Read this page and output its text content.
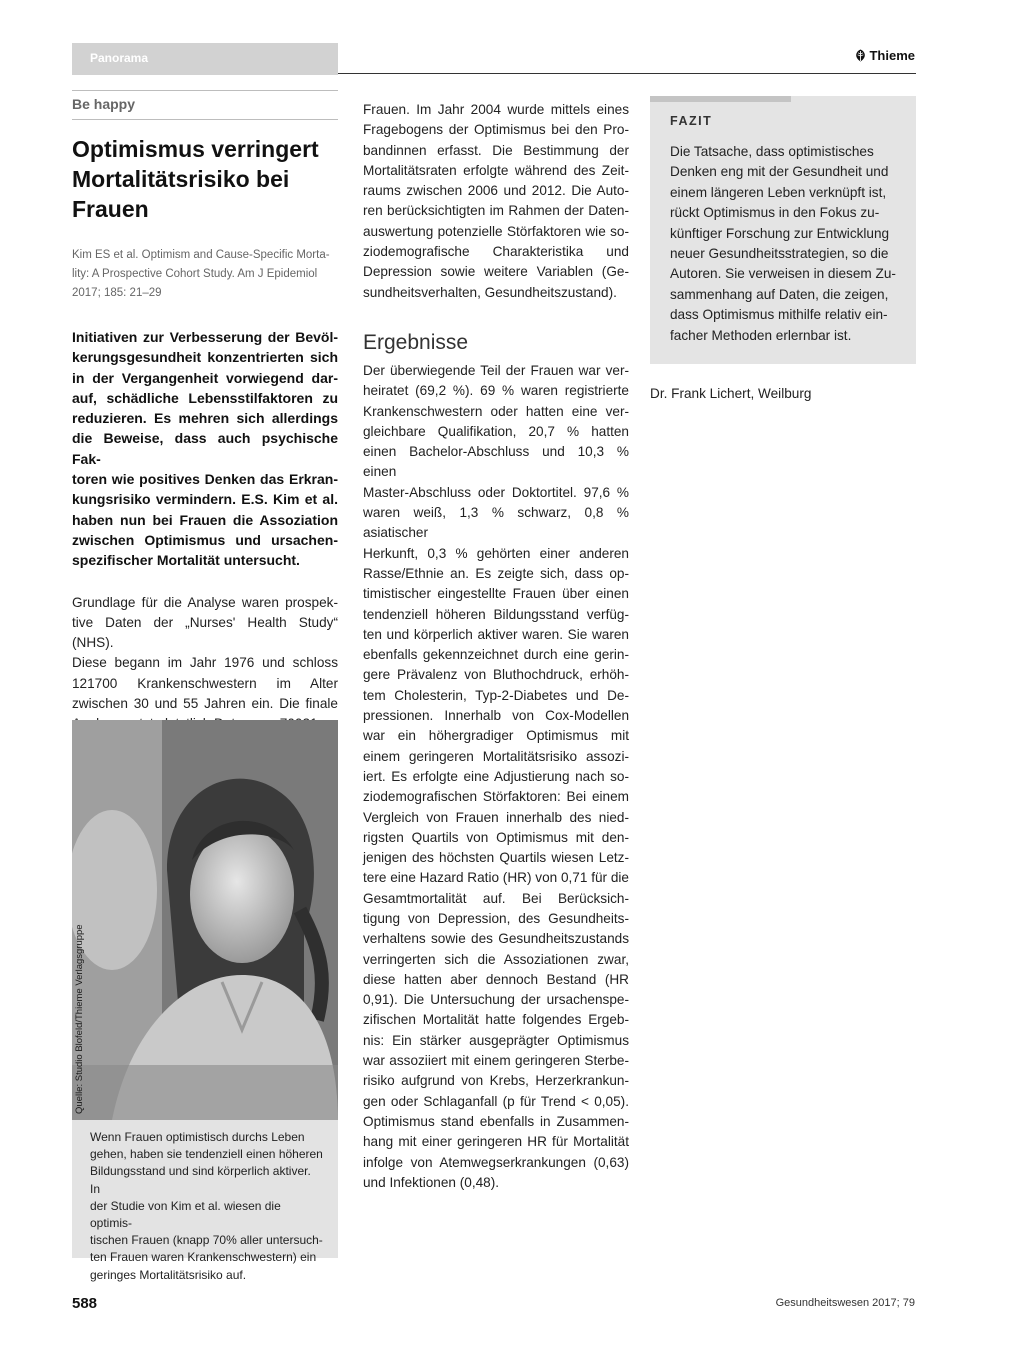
Panorama	Thieme
Be happy
Optimismus verringert
Mortalitätsrisiko bei
Frauen
Kim ES et al. Optimism and Cause-Specific Morta-
lity: A Prospective Cohort Study. Am J Epidemiol
2017; 185: 21–29
Initiativen zur Verbesserung der Bevöl-
kerungsgesundheit konzentrierten sich
in der Vergangenheit vorwiegend dar-
auf, schädliche Lebensstilfaktoren zu
reduzieren. Es mehren sich allerdings
die Beweise, dass auch psychische Fak-
toren wie positives Denken das Erkran-
kungsrisiko vermindern. E.S. Kim et al.
haben nun bei Frauen die Assoziation
zwischen Optimismus und ursachen-
spezifischer Mortalität untersucht.
Grundlage für die Analyse waren prospek-
tive Daten der „Nurses' Health Study“ (NHS).
Diese begann im Jahr 1976 und schloss
121700 Krankenschwestern im Alter
zwischen 30 und 55 Jahren ein. Die finale
Quelle: Studio Blofeld/Thieme Verlagsgruppe
Wenn Frauen optimistisch durchs Leben
gehen, haben sie tendenziell einen höheren
Bildungsstand und sind körperlich aktiver. In
der Studie von Kim et al. wiesen die optimis-
tischen Frauen (knapp 70% aller untersuch-
ten Frauen waren Krankenschwestern) ein
geringes Mortalitätsrisiko auf.
Frauen. Im Jahr 2004 wurde mittels eines
Fragebogens der Optimismus bei den Pro-
bandinnen erfasst. Die Bestimmung der
Mortalitätsraten erfolgte während des Zeit-
raums zwischen 2006 und 2012. Die Auto-
ren berücksichtigten im Rahmen der Daten-
auswertung potenzielle Störfaktoren wie so-
ziodemografische Charakteristika und
Depression sowie weitere Variablen (Ge-
sundheitsverhalten, Gesundheitszustand).
Ergebnisse
Der überwiegende Teil der Frauen war ver-
heiratet (69,2 %). 69 % waren registrierte
Krankenschwestern oder hatten eine ver-
gleichbare Qualifikation, 20,7 % hatten
einen Bachelor-Abschluss und 10,3 % einen
Master-Abschluss oder Doktortitel. 97,6 %
waren weiß, 1,3 % schwarz, 0,8 % asiatischer
Herkunft, 0,3 % gehörten einer anderen
Rasse/Ethnie an. Es zeigte sich, dass op-
timistischer eingestellte Frauen über einen
tendenziell höheren Bildungsstand verfüg-
ten und körperlich aktiver waren. Sie waren
ebenfalls gekennzeichnet durch eine gerin-
gere Prävalenz von Bluthochdruck, erhöh-
tem Cholesterin, Typ-2-Diabetes und De-
pressionen. Innerhalb von Cox-Modellen
war ein höhergradiger Optimismus mit
einem geringeren Mortalitätsrisiko assozi-
iert. Es erfolgte eine Adjustierung nach so-
ziodemografischen Störfaktoren: Bei einem
Vergleich von Frauen innerhalb des nied-
rigsten Quartils von Optimismus mit den-
jenigen des höchsten Quartils wiesen Letz-
tere eine Hazard Ratio (HR) von 0,71 für die
Gesamtmortalität auf. Bei Berücksich-
tigung von Depression, des Gesundheits-
verhaltens sowie des Gesundheitszustands
verringerten sich die Assoziationen zwar,
diese hatten aber dennoch Bestand (HR
0,91). Die Untersuchung der ursachenspe-
zifischen Mortalität hatte folgendes Ergeb-
nis: Ein stärker ausgeprägter Optimismus
war assoziiert mit einem geringeren Sterbe-
risiko aufgrund von Krebs, Herzerkrankun-
gen oder Schlaganfall (p für Trend < 0,05).
Optimismus stand ebenfalls in Zusammen-
hang mit einer geringeren HR für Mortalität
infolge von Atemwegserkrankungen (0,63)
und Infektionen (0,48).
FAZIT
Die Tatsache, dass optimistisches
Denken eng mit der Gesundheit und
einem längeren Leben verknüpft ist,
rückt Optimismus in den Fokus zu-
künftiger Forschung zur Entwicklung
neuer Gesundheitsstrategien, so die
Autoren. Sie verweisen in diesem Zu-
sammenhang auf Daten, die zeigen,
dass Optimismus mithilfe relativ ein-
facher Methoden erlernbar ist.
Dr. Frank Lichert, Weilburg
588	Gesundheitswesen 2017; 79
